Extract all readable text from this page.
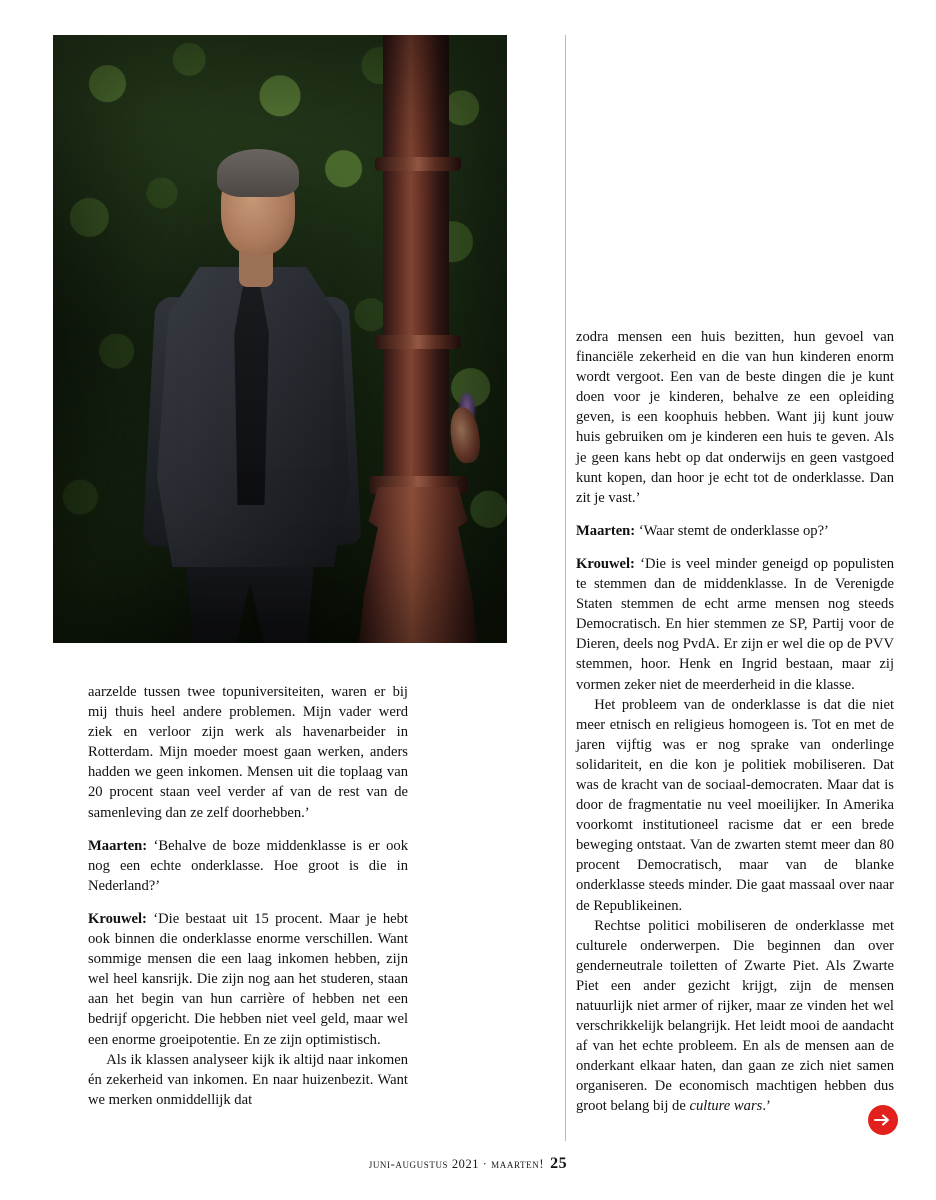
aarzelde tussen twee topuniversiteiten, waren er bij mij thuis heel andere problemen. Mijn vader werd ziek en verloor zijn werk als havenarbeider in Rotterdam. Mijn moeder moest gaan werken, anders hadden we geen inkomen. Mensen uit die toplaag van 20 procent staan veel verder af van de rest van de samenleving dan ze zelf doorhebben.’

Maarten: ‘Behalve de boze middenklasse is er ook nog een echte onderklasse. Hoe groot is die in Nederland?’

Krouwel: ‘Die bestaat uit 15 procent. Maar je hebt ook binnen die onderklasse enorme verschillen. Want sommige mensen die een laag inkomen hebben, zijn wel heel kansrijk. Die zijn nog aan het studeren, staan aan het begin van hun carrière of hebben net een bedrijf opgericht. Die hebben niet veel geld, maar wel een enorme groeipotentie. En ze zijn optimistisch.

Als ik klassen analyseer kijk ik altijd naar inkomen én zekerheid van inkomen. En naar huizenbezit. Want we merken onmiddellijk dat

zodra mensen een huis bezitten, hun gevoel van financiële zekerheid en die van hun kinderen enorm wordt vergoot. Een van de beste dingen die je kunt doen voor je kinderen, behalve ze een opleiding geven, is een koophuis hebben. Want jij kunt jouw huis gebruiken om je kinderen een huis te geven. Als je geen kans hebt op dat onderwijs en geen vastgoed kunt kopen, dan hoor je echt tot de onderklasse. Dan zit je vast.’

Maarten: ‘Waar stemt de onderklasse op?’

Krouwel: ‘Die is veel minder geneigd op populisten te stemmen dan de middenklasse. In de Verenigde Staten stemmen de echt arme mensen nog steeds Democratisch. En hier stemmen ze SP, Partij voor de Dieren, deels nog PvdA. Er zijn er wel die op de PVV stemmen, hoor. Henk en Ingrid bestaan, maar zij vormen zeker niet de meerderheid in die klasse.

Het probleem van de onderklasse is dat die niet meer etnisch en religieus homogeen is. Tot en met de jaren vijftig was er nog sprake van onderlinge solidariteit, en die kon je politiek mobiliseren. Dat was de kracht van de sociaal-democraten. Maar dat is door de fragmentatie nu veel moeilijker. In Amerika voorkomt institutioneel racisme dat er een brede beweging ontstaat. Van de zwarten stemt meer dan 80 procent Democratisch, maar van de blanke onderklasse steeds minder. Die gaat massaal over naar de Republikeinen.

Rechtse politici mobiliseren de onderklasse met culturele onderwerpen. Die beginnen dan over genderneutrale toiletten of Zwarte Piet. Als Zwarte Piet een ander gezicht krijgt, zijn de mensen natuurlijk niet armer of rijker, maar ze vinden het wel verschrikkelijk belangrijk. Het leidt mooi de aandacht af van het echte probleem. En als de mensen aan de onderkant elkaar haten, dan gaan ze zich niet samen organiseren. De economisch machtigen hebben dus groot belang bij de culture wars.’

juni-augustus 2021 · maarten! 25
